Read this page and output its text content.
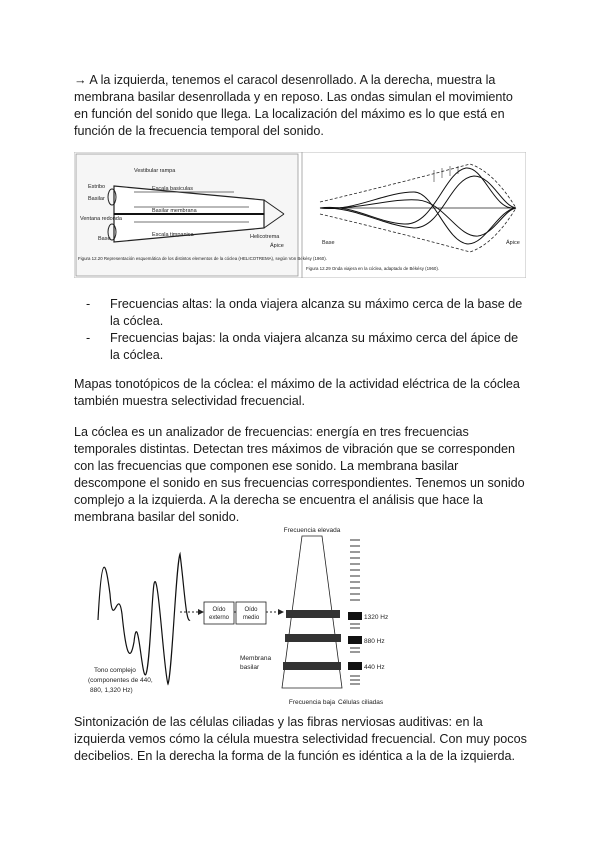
→ A la izquierda, tenemos el caracol desenrollado. A la derecha, muestra la membrana basilar desenrollada y en reposo. Las ondas simulan el movimiento en función del sonido que llega. La localización del máximo es lo que está en función de la frecuencia temporal del sonido.

Vestibular rampa
Estribo
Basilar
Escala basiculas
Ventana redonda
Basilar membrana
Escala timpanica
Base	Helicotrema
Ápice
Figura 12.20 Representación esquemática de los distintos elementos de la cóclea (HELICOTREMA), según Von Békésy (1960).
Base	Ápice
Figura 12.29 Onda viajera en la cóclea, adaptado de Békésy (1960).
- Frecuencias altas: la onda viajera alcanza su máximo cerca de la base de la cóclea.
- Frecuencias bajas: la onda viajera alcanza su máximo cerca del ápice de la cóclea.

Mapas tonotópicos de la cóclea: el máximo de la actividad eléctrica de la cóclea también muestra selectividad frecuencial.

La cóclea es un analizador de frecuencias: energía en tres frecuencias temporales distintas. Detectan tres máximos de vibración que se corresponden con las frecuencias que componen ese sonido. La membrana basilar descompone el sonido en sus frecuencias correspondientes. Tenemos un sonido complejo a la izquierda. A la derecha se encuentra el análisis que hace la membrana basilar del sonido.

Tono complejo
(componentes de 440,
880, 1,320 Hz)
Oído
externo
Oído
medio
Frecuencia elevada
Membrana
basilar
Frecuencia baja
1320 Hz
880 Hz
440 Hz
Células ciliadas

Sintonización de las células ciliadas y las fibras nerviosas auditivas: en la izquierda vemos cómo la célula muestra selectividad frecuencial. Con muy pocos decibelios. En la derecha la forma de la función es idéntica a la de la izquierda.
